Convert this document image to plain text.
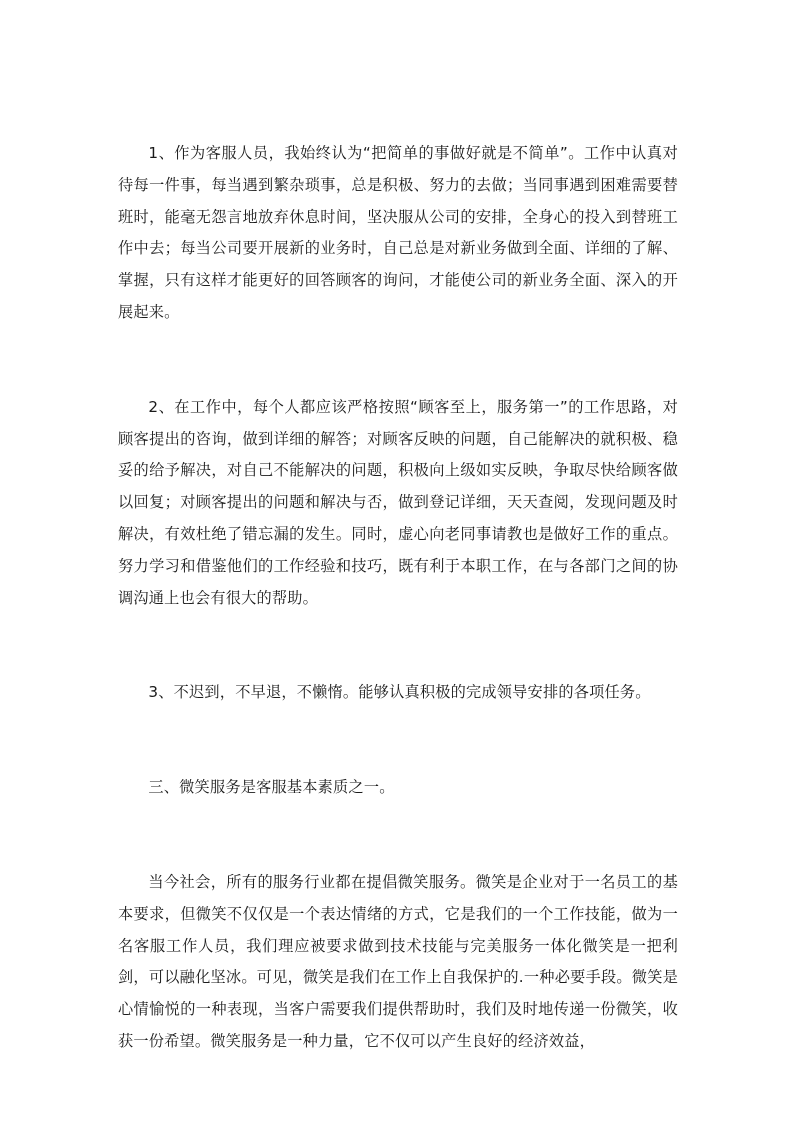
1、作为客服人员，我始终认为“把简单的事做好就是不简单”。工作中认真对待每一件事，每当遇到繁杂琐事，总是积极、努力的去做；当同事遇到困难需要替班时，能毫无怨言地放弃休息时间，坚决服从公司的安排，全身心的投入到替班工作中去；每当公司要开展新的业务时，自己总是对新业务做到全面、详细的了解、掌握，只有这样才能更好的回答顾客的询问，才能使公司的新业务全面、深入的开展起来。

2、在工作中，每个人都应该严格按照“顾客至上，服务第一”的工作思路，对顾客提出的咨询，做到详细的解答；对顾客反映的问题，自己能解决的就积极、稳妥的给予解决，对自己不能解决的问题，积极向上级如实反映，争取尽快给顾客做以回复；对顾客提出的问题和解决与否，做到登记详细，天天查阅，发现问题及时解决，有效杜绝了错忘漏的发生。同时，虚心向老同事请教也是做好工作的重点。努力学习和借鉴他们的工作经验和技巧，既有利于本职工作，在与各部门之间的协调沟通上也会有很大的帮助。

3、不迟到，不早退，不懒惰。能够认真积极的完成领导安排的各项任务。

三、微笑服务是客服基本素质之一。

当今社会，所有的服务行业都在提倡微笑服务。微笑是企业对于一名员工的基本要求，但微笑不仅仅是一个表达情绪的方式，它是我们的一个工作技能，做为一名客服工作人员，我们理应被要求做到技术技能与完美服务一体化微笑是一把利剑，可以融化坚冰。可见，微笑是我们在工作上自我保护的.一种必要手段。微笑是心情愉悦的一种表现，当客户需要我们提供帮助时，我们及时地传递一份微笑，收获一份希望。微笑服务是一种力量，它不仅可以产生良好的经济效益，
